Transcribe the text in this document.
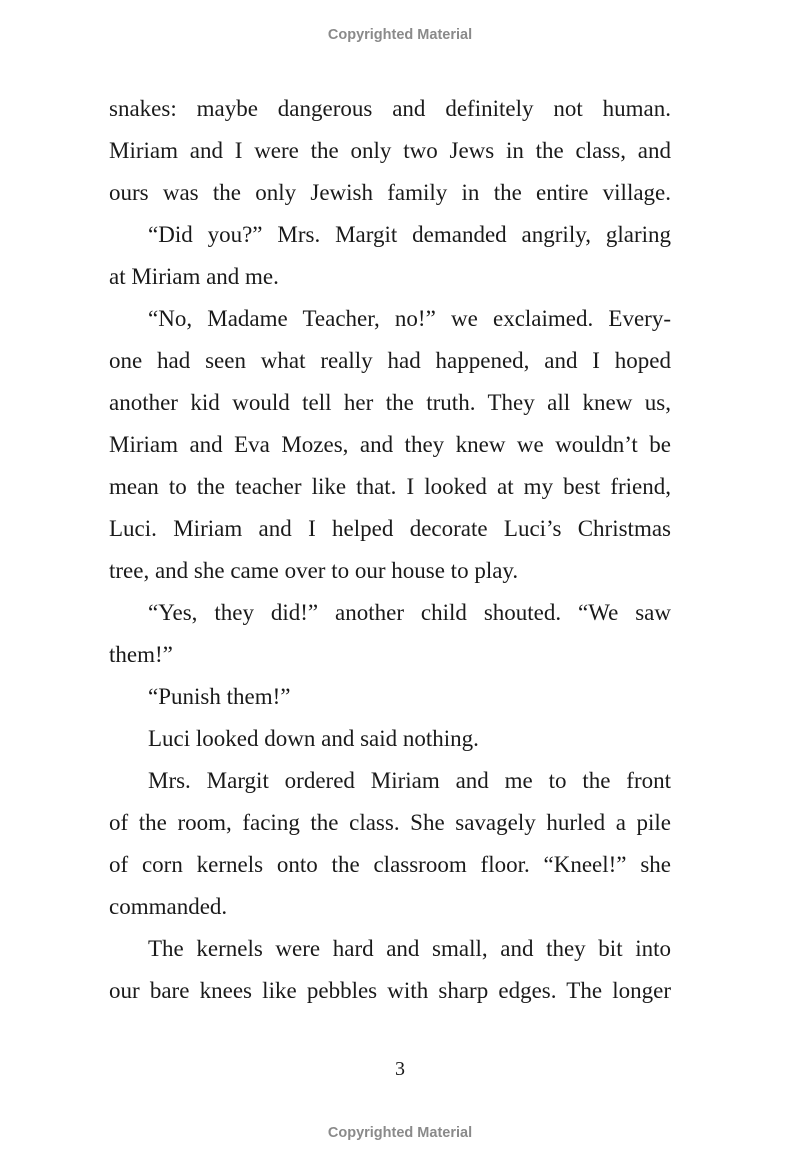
Copyrighted Material
snakes: maybe dangerous and definitely not human.
Miriam and I were the only two Jews in the class, and
ours was the only Jewish family in the entire village.
“Did you?” Mrs. Margit demanded angrily, glaring
at Miriam and me.
“No, Madame Teacher, no!” we exclaimed. Every-
one had seen what really had happened, and I hoped
another kid would tell her the truth. They all knew us,
Miriam and Eva Mozes, and they knew we wouldn’t be
mean to the teacher like that. I looked at my best friend,
Luci. Miriam and I helped decorate Luci’s Christmas
tree, and she came over to our house to play.
“Yes, they did!” another child shouted. “We saw
them!”
“Punish them!”
Luci looked down and said nothing.
Mrs. Margit ordered Miriam and me to the front
of the room, facing the class. She savagely hurled a pile
of corn kernels onto the classroom floor. “Kneel!” she
commanded.
The kernels were hard and small, and they bit into
our bare knees like pebbles with sharp edges. The longer
3
Copyrighted Material
